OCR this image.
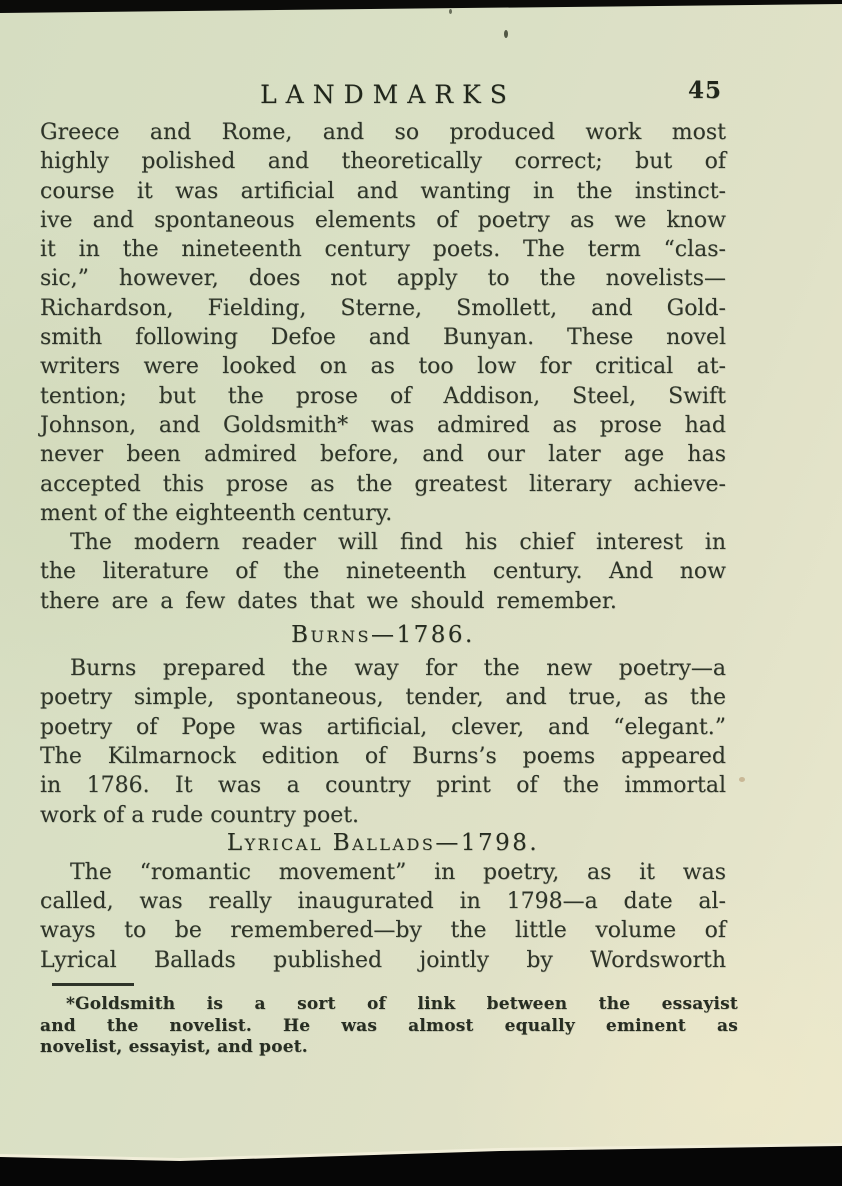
LANDMARKS	45
Greece and Rome, and so produced work most
highly polished and theoretically correct; but of
course it was artificial and wanting in the instinct-
ive and spontaneous elements of poetry as we know
it in the nineteenth century poets. The term “clas-
sic,” however, does not apply to the novelists—
Richardson, Fielding, Sterne, Smollett, and Gold-
smith following Defoe and Bunyan. These novel
writers were looked on as too low for critical at-
tention; but the prose of Addison, Steel, Swift
Johnson, and Goldsmith* was admired as prose had
never been admired before, and our later age has
accepted this prose as the greatest literary achieve-
ment of the eighteenth century.
The modern reader will find his chief interest in
the literature of the nineteenth century. And now
there are a few dates that we should remember.
Burns—1786.
Burns prepared the way for the new poetry—a
poetry simple, spontaneous, tender, and true, as the
poetry of Pope was artificial, clever, and “elegant.”
The Kilmarnock edition of Burns’s poems appeared
in 1786. It was a country print of the immortal
work of a rude country poet.
Lyrical Ballads—1798.
The “romantic movement” in poetry, as it was
called, was really inaugurated in 1798—a date al-
ways to be remembered—by the little volume of
Lyrical Ballads published jointly by Wordsworth
*Goldsmith is a sort of link between the essayist
and the novelist. He was almost equally eminent as
novelist, essayist, and poet.
